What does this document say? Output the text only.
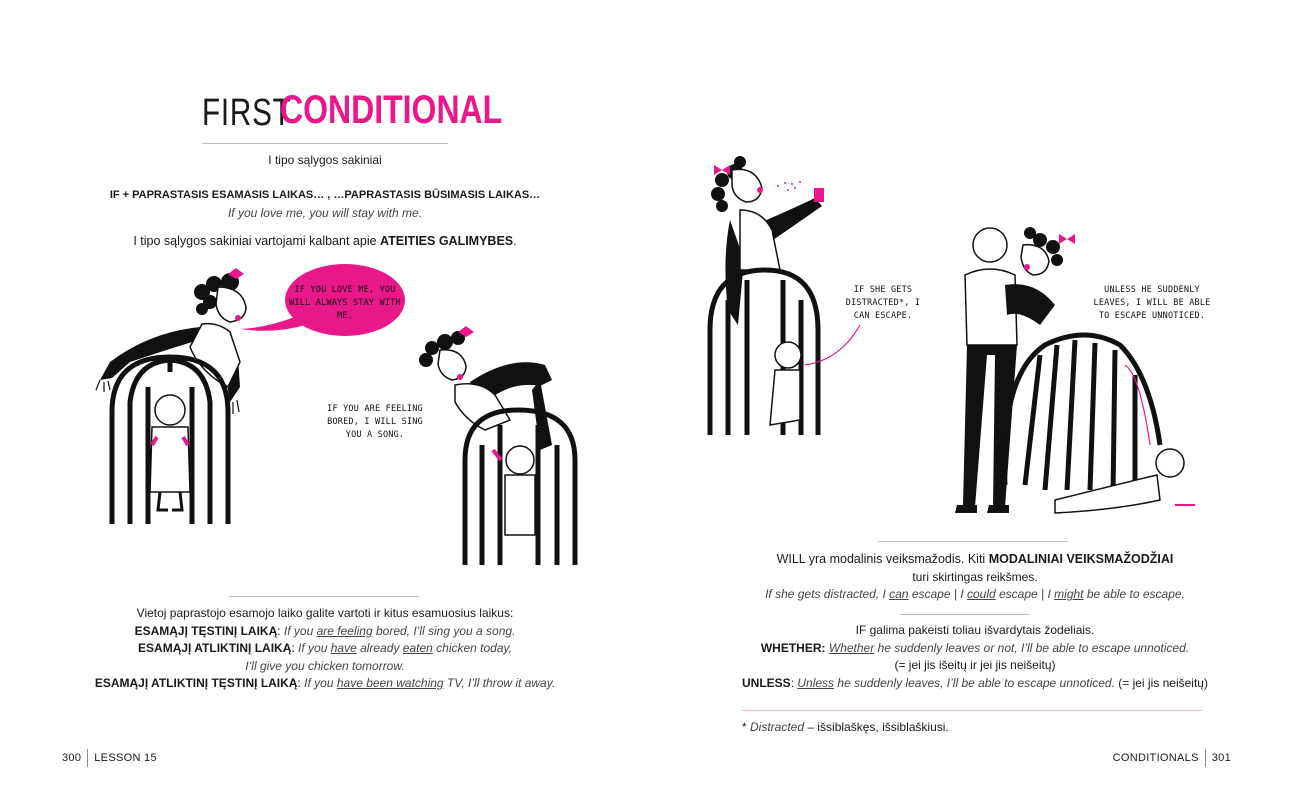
FIRST
CONDITIONAL
I tipo sąlygos sakiniai
IF + PAPRASTASIS ESAMASIS LAIKAS… , …PAPRASTASIS BŪSIMASIS LAIKAS…
If you love me, you will stay with me.
I tipo sąlygos sakiniai vartojami kalbant apie ATEITIES GALIMYBES.
IF YOU LOVE ME, YOU WILL ALWAYS STAY WITH ME.
IF YOU ARE FEELING BORED, I WILL SING YOU A SONG.
Vietoj paprastojo esamojo laiko galite vartoti ir kitus esamuosius laikus:
ESAMĄJĮ TĘSTINĮ LAIKĄ: If you are feeling bored, I’ll sing you a song.
ESAMĄJĮ ATLIKTINĮ LAIKĄ: If you have already eaten chicken today,
I’ll give you chicken tomorrow.
ESAMĄJĮ ATLIKTINĮ TĘSTINĮ LAIKĄ: If you have been watching TV, I’ll throw it away.
300 LESSON 15
IF SHE GETS DISTRACTED*, I CAN ESCAPE.
UNLESS HE SUDDENLY LEAVES, I WILL BE ABLE TO ESCAPE UNNOTICED.
WILL yra modalinis veiksmažodis. Kiti MODALINIAI VEIKSMAŽODŽIAI
turi skirtingas reikšmes.
If she gets distracted, I can escape | I could escape | I might be able to escape.
IF galima pakeisti toliau išvardytais žodeliais.
WHETHER: Whether he suddenly leaves or not, I’ll be able to escape unnoticed.
(= jei jis išeitų ir jei jis neišeitų)
UNLESS: Unless he suddenly leaves, I’ll be able to escape unnoticed. (= jei jis neišeitų)
* Distracted – išsiblaškęs, išsiblaškiusi.
CONDITIONALS 301
